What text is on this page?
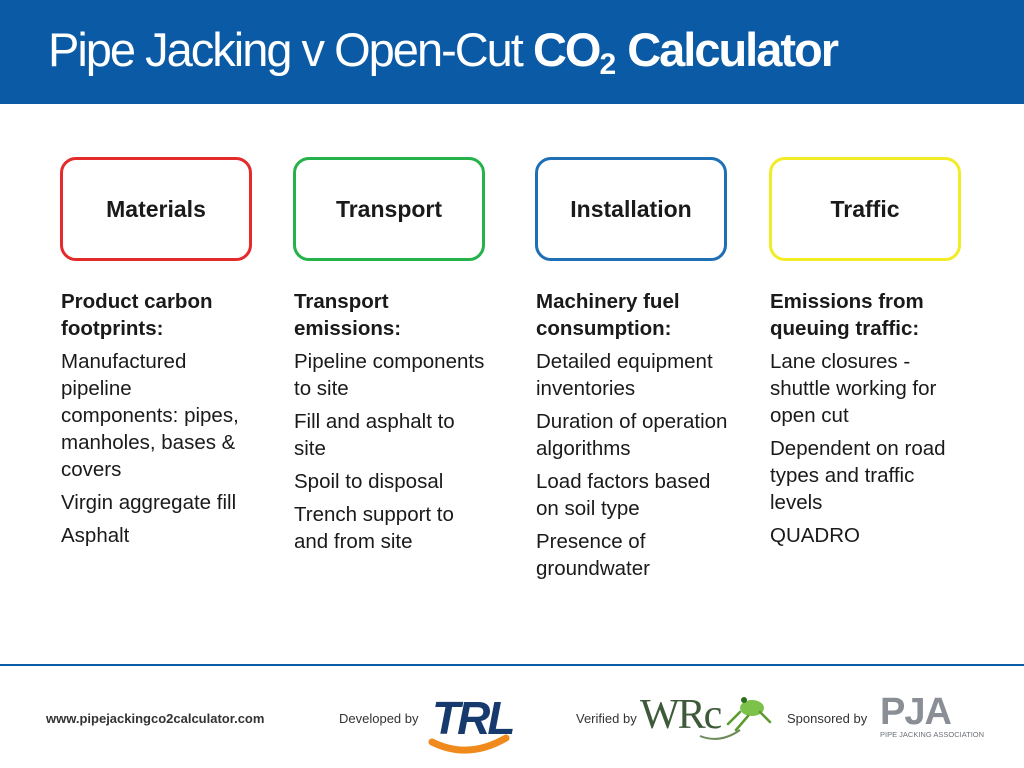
Pipe Jacking v Open-Cut $CO_2$ Calculator
Materials	Transport	Installation	Traffic
Product carbon footprints:
Manufactured pipeline components: pipes, manholes, bases & covers
Virgin aggregate fill
Asphalt
Transport emissions:
Pipeline components to site
Fill and asphalt to site
Spoil to disposal
Trench support to and from site
Machinery fuel consumption:
Detailed equipment inventories
Duration of operation algorithms
Load factors based on soil type
Presence of groundwater
Emissions from queuing traffic:
Lane closures - shuttle working for open cut
Dependent on road types and traffic levels
QUADRO
www.pipejackingco2calculator.com	Developed by TRL	Verified by WRc	Sponsored by PJA
PIPE JACKING ASSOCIATION
